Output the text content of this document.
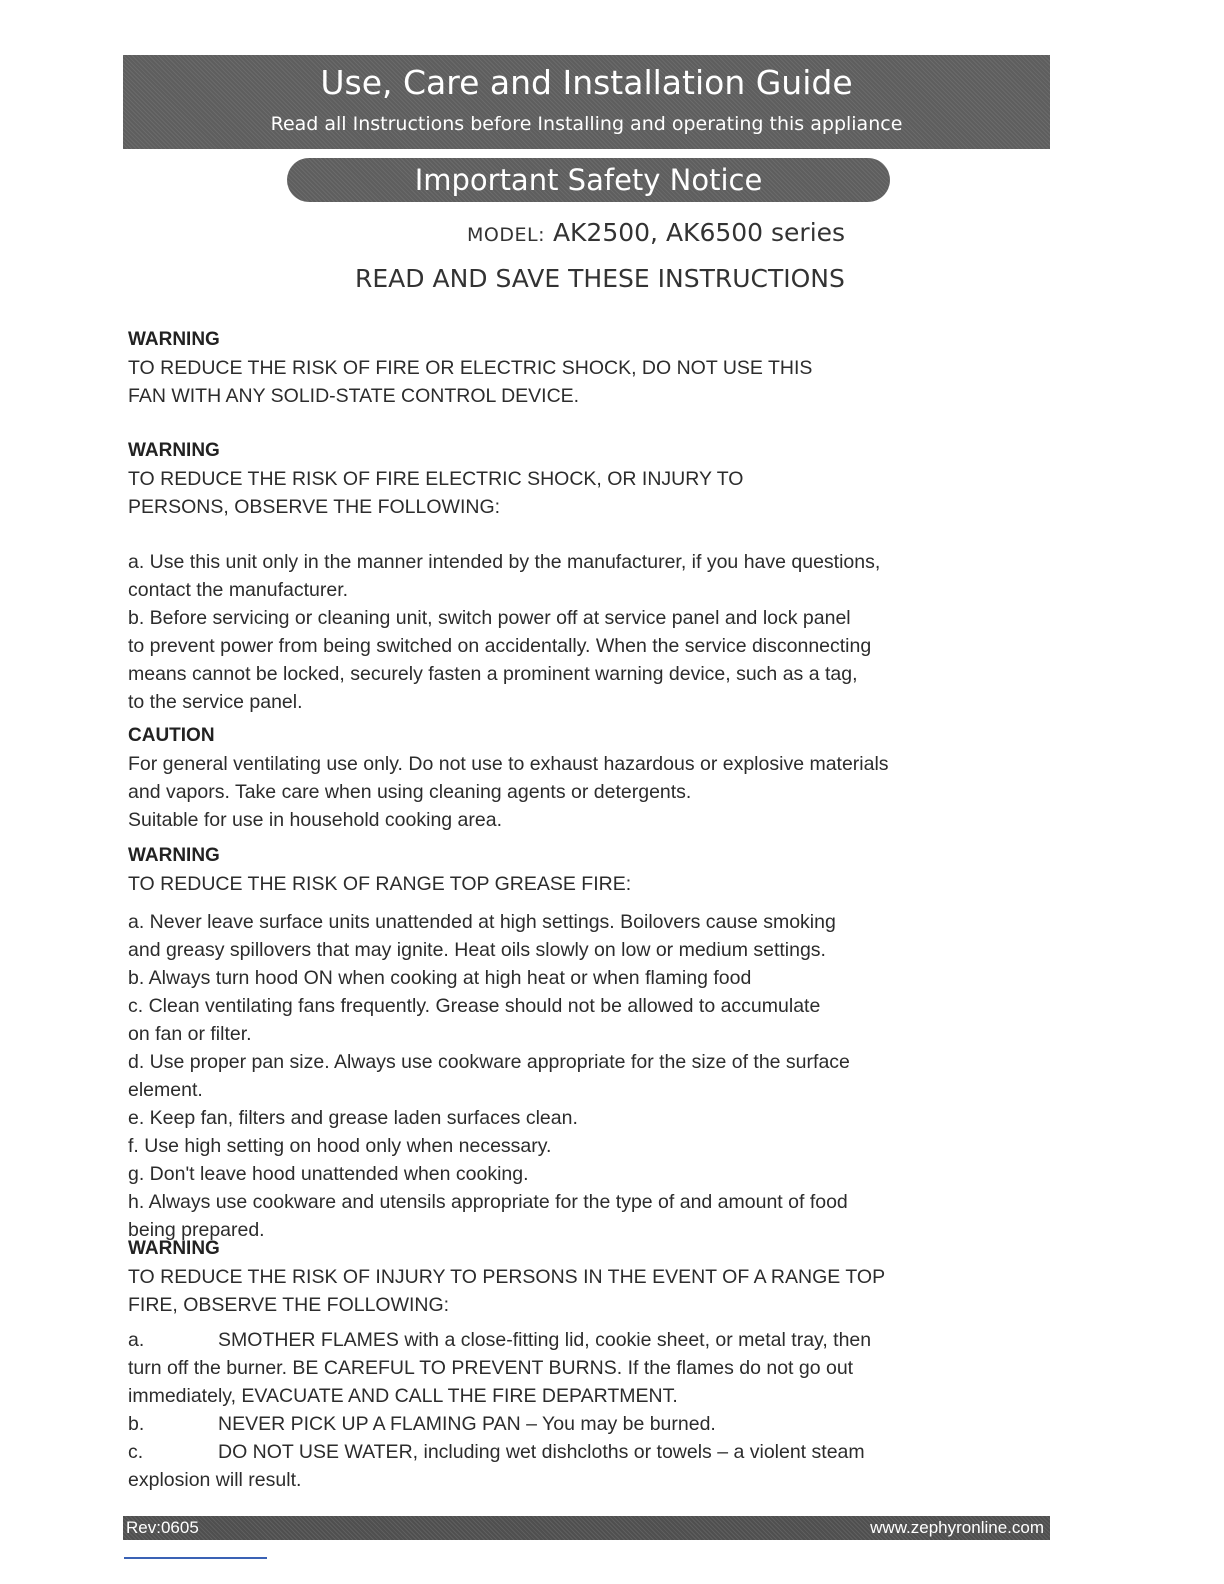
Use, Care and Installation Guide
Read all Instructions before Installing and operating this appliance
Important Safety Notice
MODEL: AK2500, AK6500 series
READ AND SAVE THESE INSTRUCTIONS
WARNING
TO REDUCE THE RISK OF FIRE OR ELECTRIC SHOCK, DO NOT USE THIS
FAN WITH ANY SOLID-STATE CONTROL DEVICE.
WARNING
TO REDUCE THE RISK OF FIRE ELECTRIC SHOCK, OR INJURY TO
PERSONS, OBSERVE THE FOLLOWING:
a. Use this unit only in the manner intended by the manufacturer, if you have questions,
contact the manufacturer.
b. Before servicing or cleaning unit, switch power off at service panel and lock panel
to prevent power from being switched on accidentally. When the service disconnecting
means cannot be locked, securely fasten a prominent warning device, such as a tag,
to the service panel.
CAUTION
For general ventilating use only. Do not use to exhaust hazardous or explosive materials
and vapors. Take care when using cleaning agents or detergents.
Suitable for use in household cooking area.
WARNING
TO REDUCE THE RISK OF RANGE TOP GREASE FIRE:
a. Never leave surface units unattended at high settings. Boilovers cause smoking
and greasy spillovers that may ignite. Heat oils slowly on low or medium settings.
b. Always turn hood ON when cooking at high heat or when flaming food
c. Clean ventilating fans frequently. Grease should not be allowed to accumulate
on fan or filter.
d. Use proper pan size. Always use cookware appropriate for the size of the surface
element.
e. Keep fan, filters and grease laden surfaces clean.
f. Use high setting on hood only when necessary.
g. Don't leave hood unattended when cooking.
h. Always use cookware and utensils appropriate for the type of and amount of food
being prepared.
WARNING
TO REDUCE THE RISK OF INJURY TO PERSONS IN THE EVENT OF A RANGE TOP
FIRE, OBSERVE THE FOLLOWING:
a.	SMOTHER FLAMES with a close-fitting lid, cookie sheet, or metal tray, then
turn off the burner. BE CAREFUL TO PREVENT BURNS. If the flames do not go out
immediately, EVACUATE AND CALL THE FIRE DEPARTMENT.
b.	NEVER PICK UP A FLAMING PAN – You may be burned.
c.	DO NOT USE WATER, including wet dishcloths or towels – a violent steam
explosion will result.
Rev:0605	www.zephyronline.com
